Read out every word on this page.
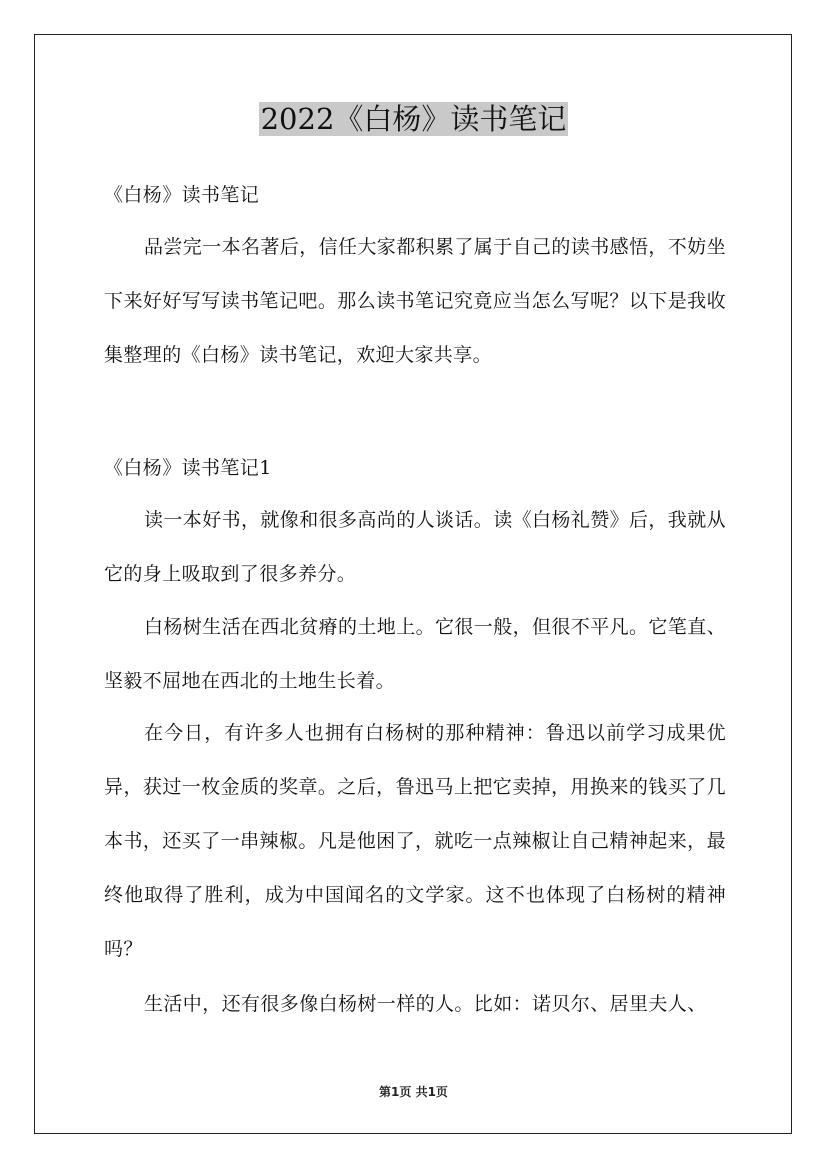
2022《白杨》读书笔记
《白杨》读书笔记
品尝完一本名著后，信任大家都积累了属于自己的读书感悟，不妨坐下来好好写写读书笔记吧。那么读书笔记究竟应当怎么写呢？以下是我收集整理的《白杨》读书笔记，欢迎大家共享。
《白杨》读书笔记1
读一本好书，就像和很多高尚的人谈话。读《白杨礼赞》后，我就从它的身上吸取到了很多养分。
白杨树生活在西北贫瘠的土地上。它很一般，但很不平凡。它笔直、坚毅不屈地在西北的土地生长着。
在今日，有许多人也拥有白杨树的那种精神：鲁迅以前学习成果优异，获过一枚金质的奖章。之后，鲁迅马上把它卖掉，用换来的钱买了几本书，还买了一串辣椒。凡是他困了，就吃一点辣椒让自己精神起来，最终他取得了胜利，成为中国闻名的文学家。这不也体现了白杨树的精神吗？
生活中，还有很多像白杨树一样的人。比如：诺贝尔、居里夫人、
第1页 共1页
